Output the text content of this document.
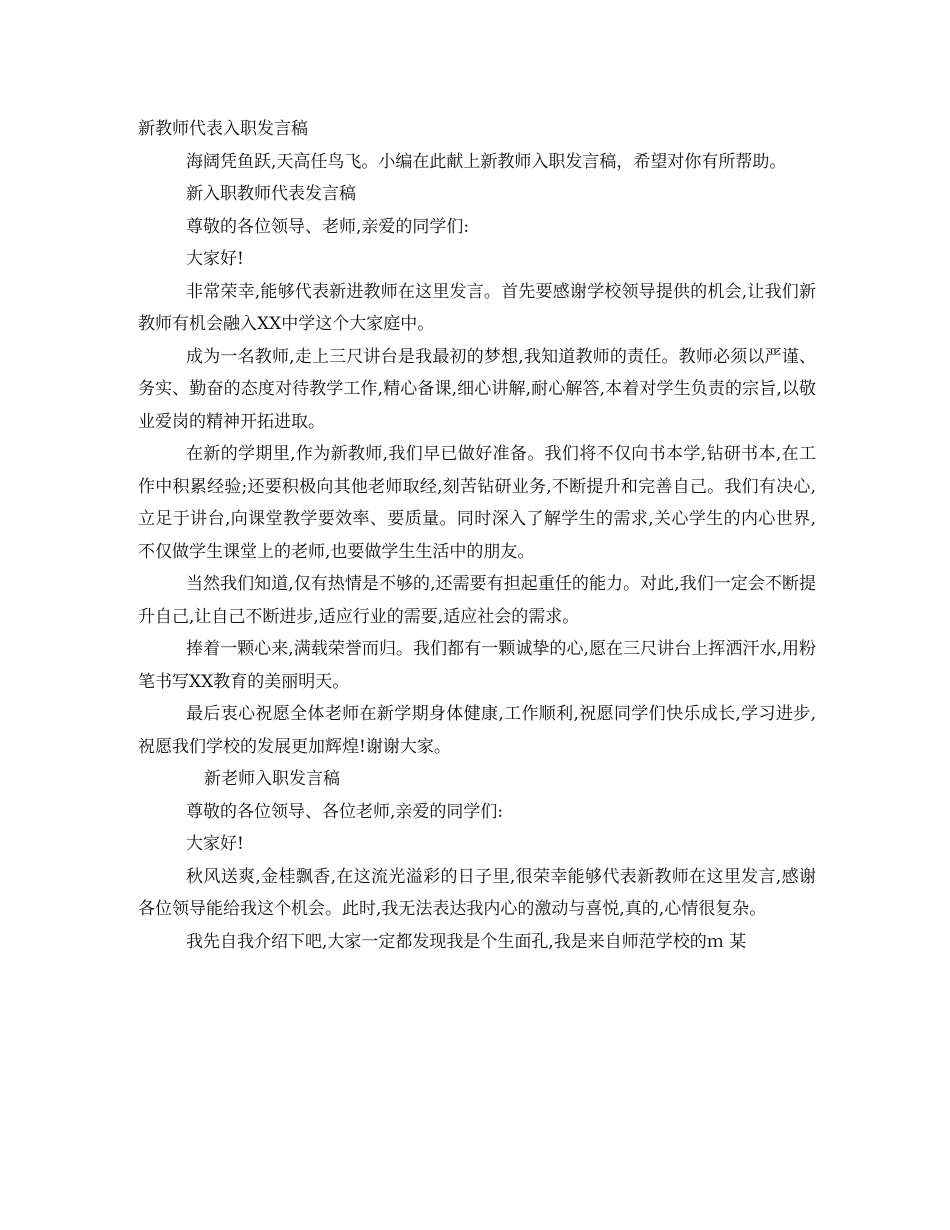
新教师代表入职发言稿

海阔凭鱼跃,天高任鸟飞。小编在此献上新教师入职发言稿，希望对你有所帮助。

新入职教师代表发言稿

尊敬的各位领导、老师,亲爱的同学们:

大家好!

非常荣幸,能够代表新进教师在这里发言。首先要感谢学校领导提供的机会,让我们新教师有机会融入XX中学这个大家庭中。

成为一名教师,走上三尺讲台是我最初的梦想,我知道教师的责任。教师必须以严谨、务实、勤奋的态度对待教学工作,精心备课,细心讲解,耐心解答,本着对学生负责的宗旨,以敬业爱岗的精神开拓进取。

在新的学期里,作为新教师,我们早已做好准备。我们将不仅向书本学,钻研书本,在工作中积累经验;还要积极向其他老师取经,刻苦钻研业务,不断提升和完善自己。我们有决心,立足于讲台,向课堂教学要效率、要质量。同时深入了解学生的需求,关心学生的内心世界,不仅做学生课堂上的老师,也要做学生生活中的朋友。

当然我们知道,仅有热情是不够的,还需要有担起重任的能力。对此,我们一定会不断提升自己,让自己不断进步,适应行业的需要,适应社会的需求。

捧着一颗心来,满载荣誉而归。我们都有一颗诚挚的心,愿在三尺讲台上挥洒汗水,用粉笔书写XX教育的美丽明天。

最后衷心祝愿全体老师在新学期身体健康,工作顺利,祝愿同学们快乐成长,学习进步,祝愿我们学校的发展更加辉煌!谢谢大家。

新老师入职发言稿

尊敬的各位领导、各位老师,亲爱的同学们:

大家好!

秋风送爽,金桂飘香,在这流光溢彩的日子里,很荣幸能够代表新教师在这里发言,感谢各位领导能给我这个机会。此时,我无法表达我内心的激动与喜悦,真的,心情很复杂。

我先自我介绍下吧,大家一定都发现我是个生面孔,我是来自师范学校的ｍ 某
